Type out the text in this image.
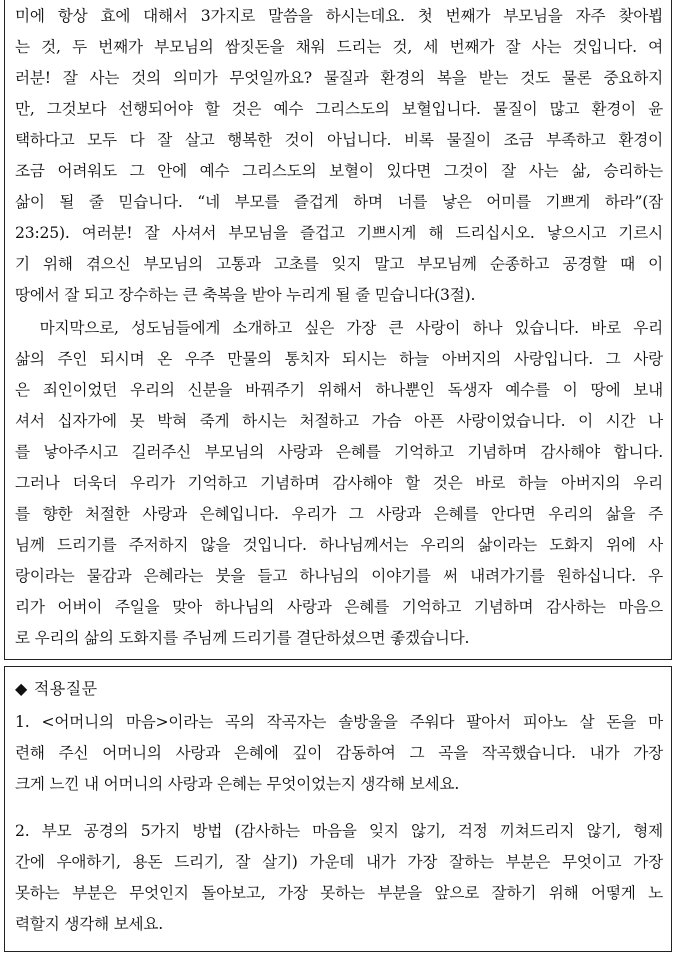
미에 항상 효에 대해서 3가지로 말씀을 하시는데요. 첫 번째가 부모님을 자주 찾아뵙
는 것, 두 번째가 부모님의 쌈짓돈을 채워 드리는 것, 세 번째가 잘 사는 것입니다. 여
러분! 잘 사는 것의 의미가 무엇일까요? 물질과 환경의 복을 받는 것도 물론 중요하지
만, 그것보다 선행되어야 할 것은 예수 그리스도의 보혈입니다. 물질이 많고 환경이 윤
택하다고 모두 다 잘 살고 행복한 것이 아닙니다. 비록 물질이 조금 부족하고 환경이
조금 어려워도 그 안에 예수 그리스도의 보혈이 있다면 그것이 잘 사는 삶, 승리하는
삶이 될 줄 믿습니다. “네 부모를 즐겁게 하며 너를 낳은 어미를 기쁘게 하라”(잠
23:25). 여러분! 잘 사셔서 부모님을 즐겁고 기쁘시게 해 드리십시오. 낳으시고 기르시
기 위해 겪으신 부모님의 고통과 고초를 잊지 말고 부모님께 순종하고 공경할 때 이
땅에서 잘 되고 장수하는 큰 축복을 받아 누리게 될 줄 믿습니다(3절).
마지막으로, 성도님들에게 소개하고 싶은 가장 큰 사랑이 하나 있습니다. 바로 우리
삶의 주인 되시며 온 우주 만물의 통치자 되시는 하늘 아버지의 사랑입니다. 그 사랑
은 죄인이었던 우리의 신분을 바꿔주기 위해서 하나뿐인 독생자 예수를 이 땅에 보내
셔서 십자가에 못 박혀 죽게 하시는 처절하고 가슴 아픈 사랑이었습니다. 이 시간 나
를 낳아주시고 길러주신 부모님의 사랑과 은혜를 기억하고 기념하며 감사해야 합니다.
그러나 더욱더 우리가 기억하고 기념하며 감사해야 할 것은 바로 하늘 아버지의 우리
를 향한 처절한 사랑과 은혜입니다. 우리가 그 사랑과 은혜를 안다면 우리의 삶을 주
님께 드리기를 주저하지 않을 것입니다. 하나님께서는 우리의 삶이라는 도화지 위에 사
랑이라는 물감과 은혜라는 붓을 들고 하나님의 이야기를 써 내려가기를 원하십니다. 우
리가 어버이 주일을 맞아 하나님의 사랑과 은혜를 기억하고 기념하며 감사하는 마음으
로 우리의 삶의 도화지를 주님께 드리기를 결단하셨으면 좋겠습니다.
◆ 적용질문
1. <어머니의 마음>이라는 곡의 작곡자는 솔방울을 주워다 팔아서 피아노 살 돈을 마
련해 주신 어머니의 사랑과 은혜에 깊이 감동하여 그 곡을 작곡했습니다. 내가 가장
크게 느낀 내 어머니의 사랑과 은혜는 무엇이었는지 생각해 보세요.
2. 부모 공경의 5가지 방법 (감사하는 마음을 잊지 않기, 걱정 끼쳐드리지 않기, 형제
간에 우애하기, 용돈 드리기, 잘 살기) 가운데 내가 가장 잘하는 부분은 무엇이고 가장
못하는 부분은 무엇인지 돌아보고, 가장 못하는 부분을 앞으로 잘하기 위해 어떻게 노
력할지 생각해 보세요.
